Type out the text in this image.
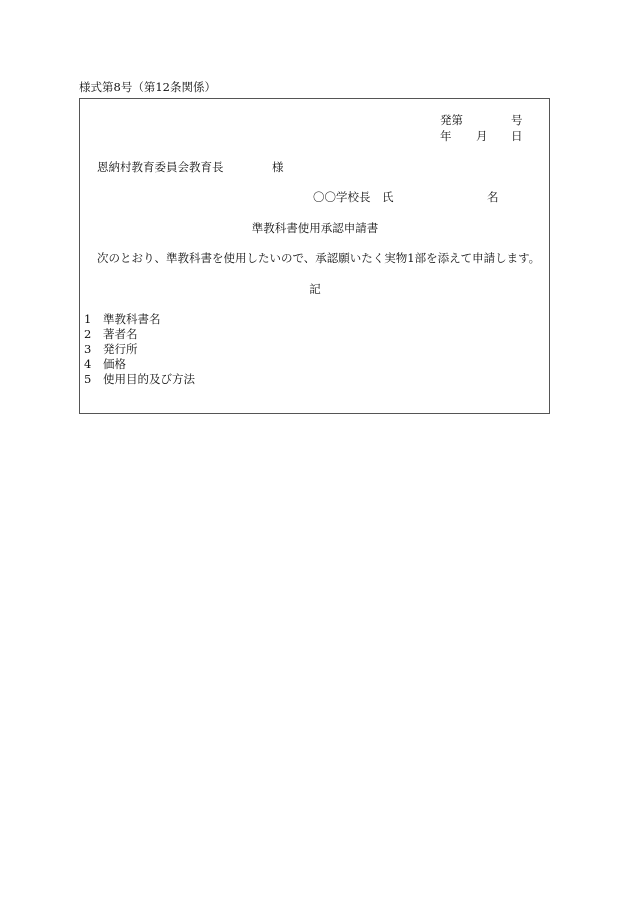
様式第8号（第12条関係）
発第	号
年 月 日
恩納村教育委員会教育長	様
〇〇学校長　氏	名
準教科書使用承認申請書
次のとおり、準教科書を使用したいので、承認願いたく実物1部を添えて申請します。
記
1 準教科書名
2 著者名
3 発行所
4 価格
5 使用目的及び方法
